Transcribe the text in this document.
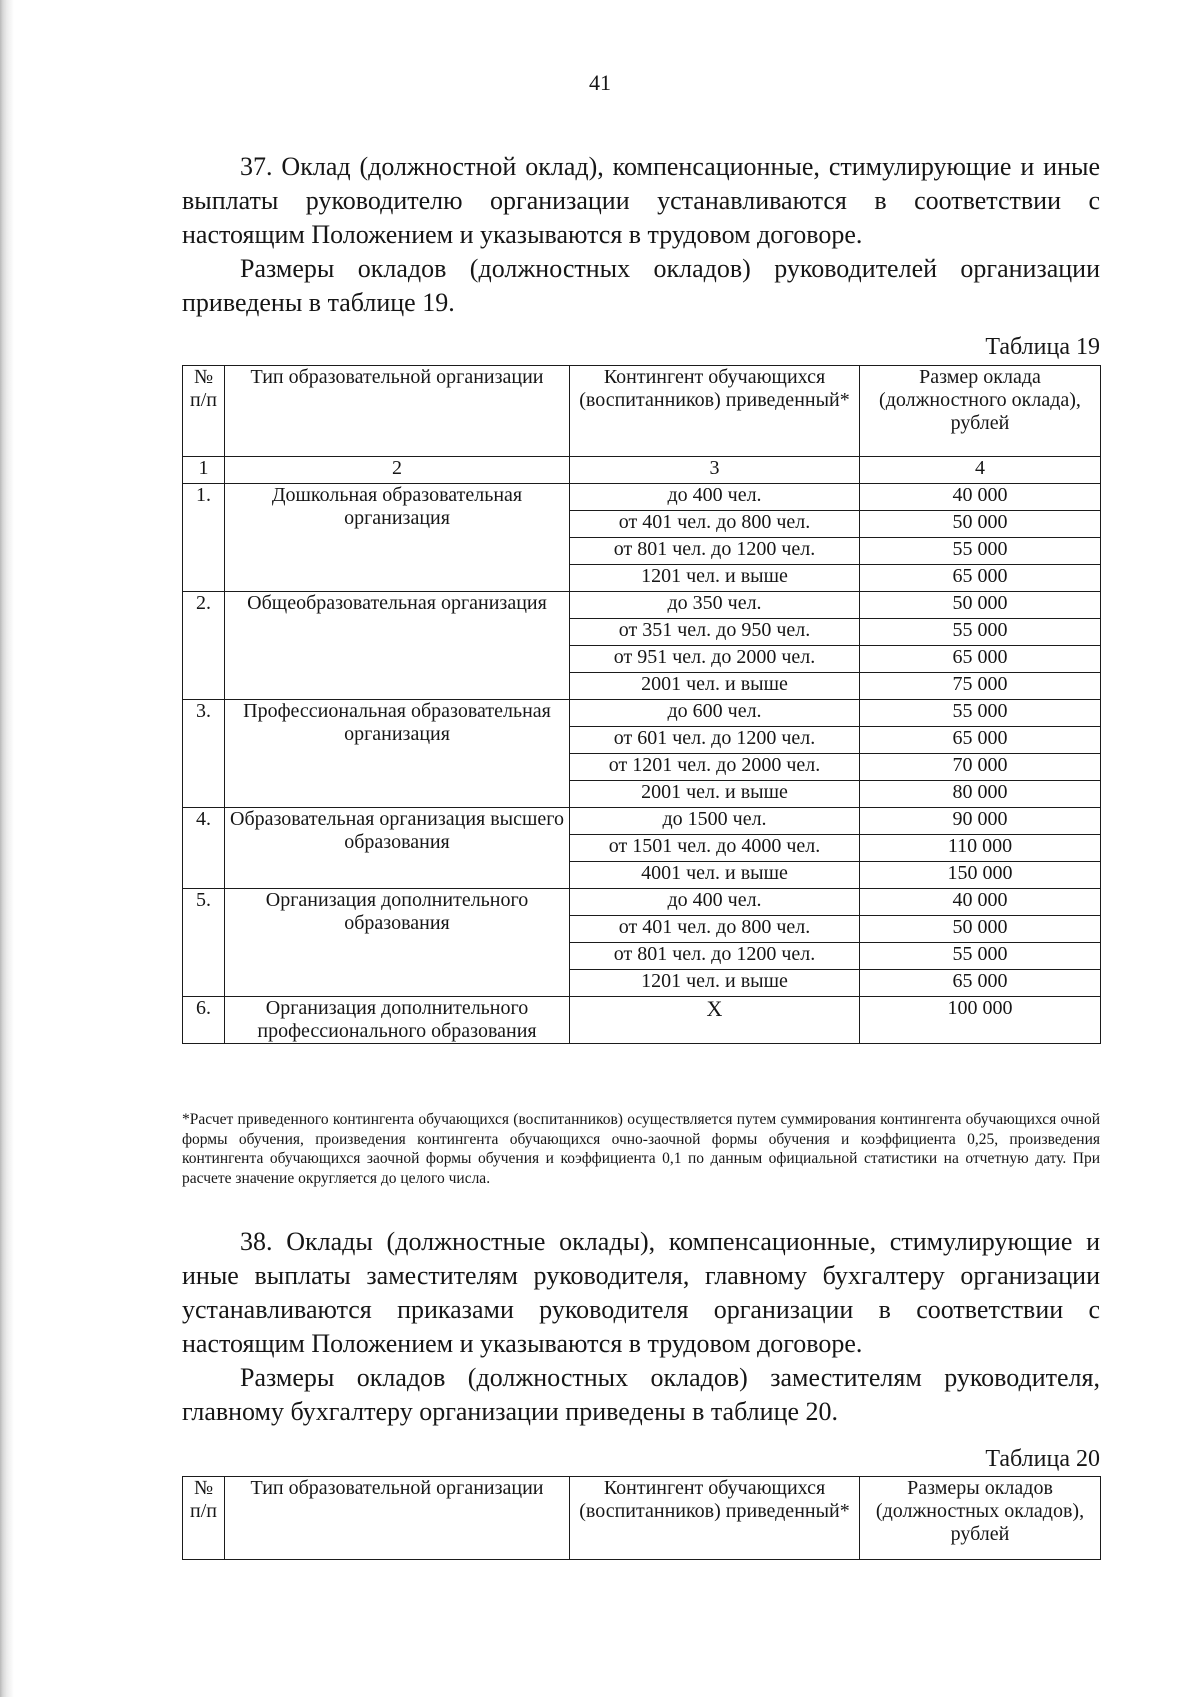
41

37. Оклад (должностной оклад), компенсационные, стимулирующие и иные выплаты руководителю организации устанавливаются в соответствии с настоящим Положением и указываются в трудовом договоре.

Размеры окладов (должностных окладов) руководителей организации приведены в таблице 19.

Таблица 19
№ п/п	Тип образовательной организации	Контингент обучающихся (воспитанников) приведенный*	Размер оклада (должностного оклада), рублей
1	2	3	4
1.	Дошкольная образовательная организация	до 400 чел.	40 000
		от 401 чел. до 800 чел.	50 000
		от 801 чел. до 1200 чел.	55 000
		1201 чел. и выше	65 000
2.	Общеобразовательная организация	до 350 чел.	50 000
		от 351 чел. до 950 чел.	55 000
		от 951 чел. до 2000 чел.	65 000
		2001 чел. и выше	75 000
3.	Профессиональная образовательная организация	до 600 чел.	55 000
		от 601 чел. до 1200 чел.	65 000
		от 1201 чел. до 2000 чел.	70 000
		2001 чел. и выше	80 000
4.	Образовательная организация высшего образования	до 1500 чел.	90 000
		от 1501 чел. до 4000 чел.	110 000
		4001 чел. и выше	150 000
5.	Организация дополнительного образования	до 400 чел.	40 000
		от 401 чел. до 800 чел.	50 000
		от 801 чел. до 1200 чел.	55 000
		1201 чел. и выше	65 000
6.	Организация дополнительного профессионального образования	X	100 000

*Расчет приведенного контингента обучающихся (воспитанников) осуществляется путем суммирования контингента обучающихся очной формы обучения, произведения контингента обучающихся очно-заочной формы обучения и коэффициента 0,25, произведения контингента обучающихся заочной формы обучения и коэффициента 0,1 по данным официальной статистики на отчетную дату. При расчете значение округляется до целого числа.

38. Оклады (должностные оклады), компенсационные, стимулирующие и иные выплаты заместителям руководителя, главному бухгалтеру организации устанавливаются приказами руководителя организации в соответствии с настоящим Положением и указываются в трудовом договоре.

Размеры окладов (должностных окладов) заместителям руководителя, главному бухгалтеру организации приведены в таблице 20.

Таблица 20
№ п/п	Тип образовательной организации	Контингент обучающихся (воспитанников) приведенный*	Размеры окладов (должностных окладов), рублей
